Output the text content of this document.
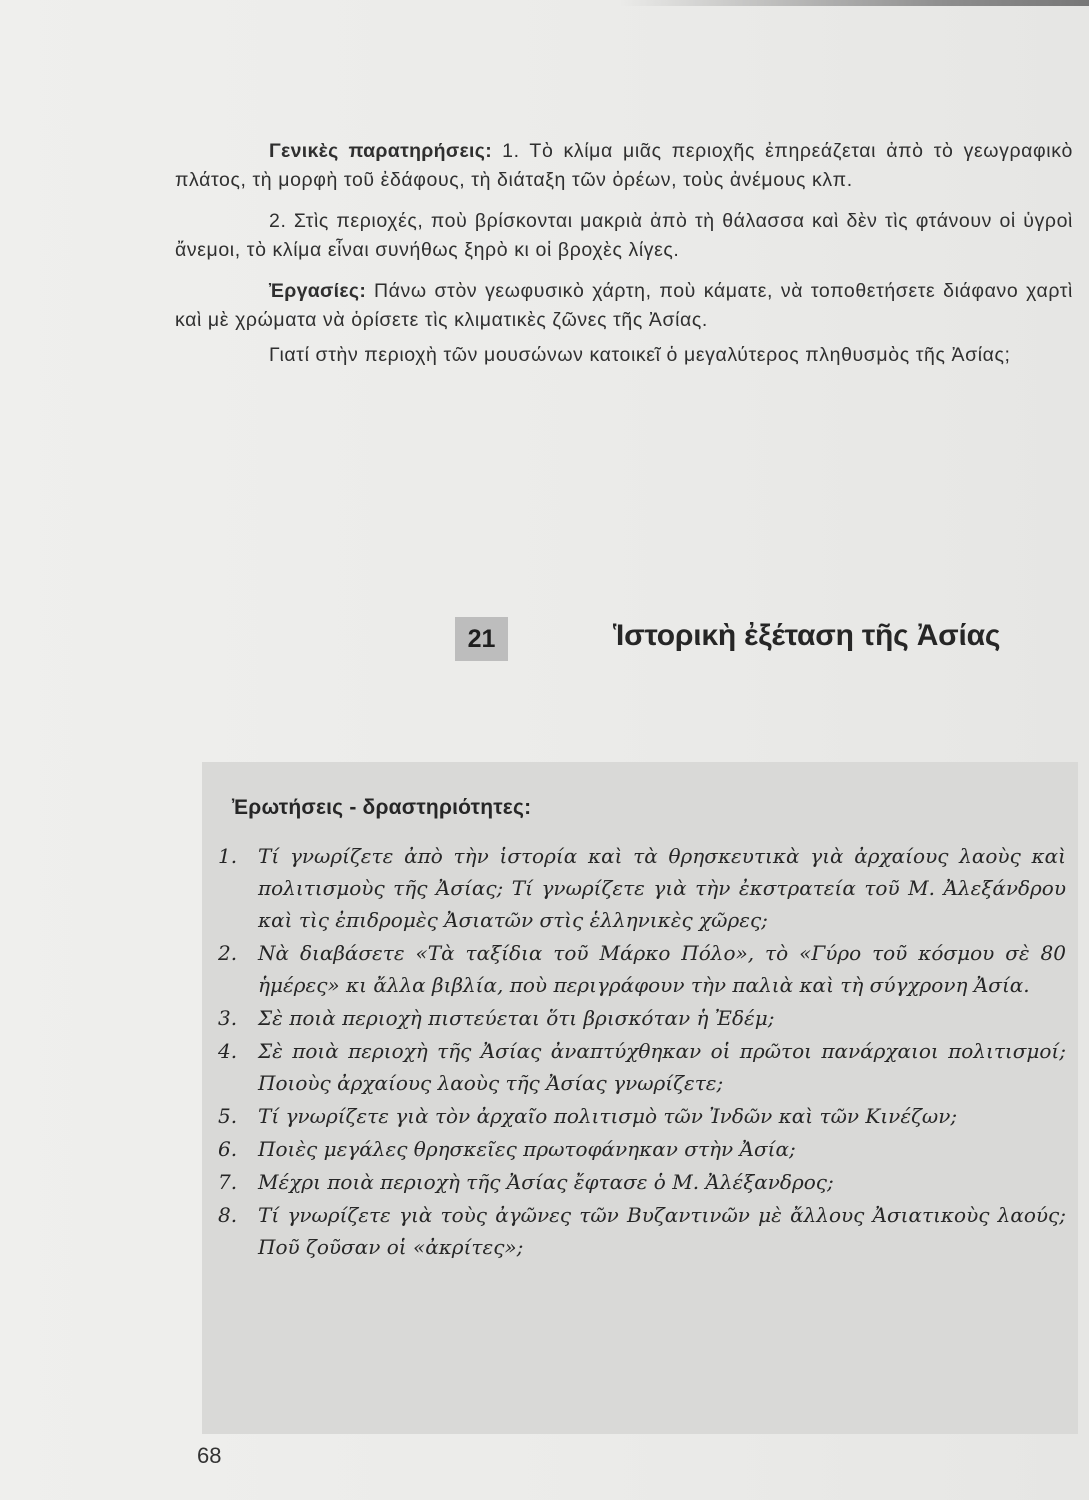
Γενικὲς παρατηρήσεις: 1. Τὸ κλίμα μιᾶς περιοχῆς ἐπηρεάζεται ἀπὸ τὸ γεωγραφικὸ πλάτος, τὴ μορφὴ τοῦ ἐδάφους, τὴ διάταξη τῶν ὀρέων, τοὺς ἀνέμους κλπ.

2. Στὶς περιοχές, ποὺ βρίσκονται μακριὰ ἀπὸ τὴ θάλασσα καὶ δὲν τὶς φτάνουν οἱ ὑγροὶ ἄνεμοι, τὸ κλίμα εἶναι συνήθως ξηρὸ κι οἱ βροχὲς λίγες.

Ἐργασίες: Πάνω στὸν γεωφυσικὸ χάρτη, ποὺ κάματε, νὰ τοποθετήσετε διάφανο χαρτὶ καὶ μὲ χρώματα νὰ ὁρίσετε τὶς κλιματικὲς ζῶνες τῆς Ἀσίας.

Γιατί στὴν περιοχὴ τῶν μουσώνων κατοικεῖ ὁ μεγαλύτερος πληθυσμὸς τῆς Ἀσίας;

21	Ἱστορικὴ ἐξέταση τῆς Ἀσίας
Ἐρωτήσεις - δραστηριότητες:
1.	Τί γνωρίζετε ἀπὸ τὴν ἱστορία καὶ τὰ θρησκευτικὰ γιὰ ἀρχαίους λαοὺς καὶ πολιτισμοὺς τῆς Ἀσίας; Τί γνωρίζετε γιὰ τὴν ἐκστρατεία τοῦ Μ. Ἀλεξάνδρου καὶ τὶς ἐπιδρομὲς Ἀσιατῶν στὶς ἑλληνικὲς χῶρες;
2.	Νὰ διαβάσετε «Τὰ ταξίδια τοῦ Μάρκο Πόλο», τὸ «Γύρο τοῦ κόσμου σὲ 80 ἡμέρες» κι ἄλλα βιβλία, ποὺ περιγράφουν τὴν παλιὰ καὶ τὴ σύγχρονη Ἀσία.
3.	Σὲ ποιὰ περιοχὴ πιστεύεται ὅτι βρισκόταν ἡ Ἐδέμ;
4.	Σὲ ποιὰ περιοχὴ τῆς Ἀσίας ἀναπτύχθηκαν οἱ πρῶτοι πανάρχαιοι πολιτισμοί; Ποιοὺς ἀρχαίους λαοὺς τῆς Ἀσίας γνωρίζετε;
5.	Τί γνωρίζετε γιὰ τὸν ἀρχαῖο πολιτισμὸ τῶν Ἰνδῶν καὶ τῶν Κινέζων;
6.	Ποιὲς μεγάλες θρησκεῖες πρωτοφάνηκαν στὴν Ἀσία;
7.	Μέχρι ποιὰ περιοχὴ τῆς Ἀσίας ἔφτασε ὁ Μ. Ἀλέξανδρος;
8.	Τί γνωρίζετε γιὰ τοὺς ἀγῶνες τῶν Βυζαντινῶν μὲ ἄλλους Ἀσιατικοὺς λαούς; Ποῦ ζοῦσαν οἱ «ἀκρίτες»;
68
